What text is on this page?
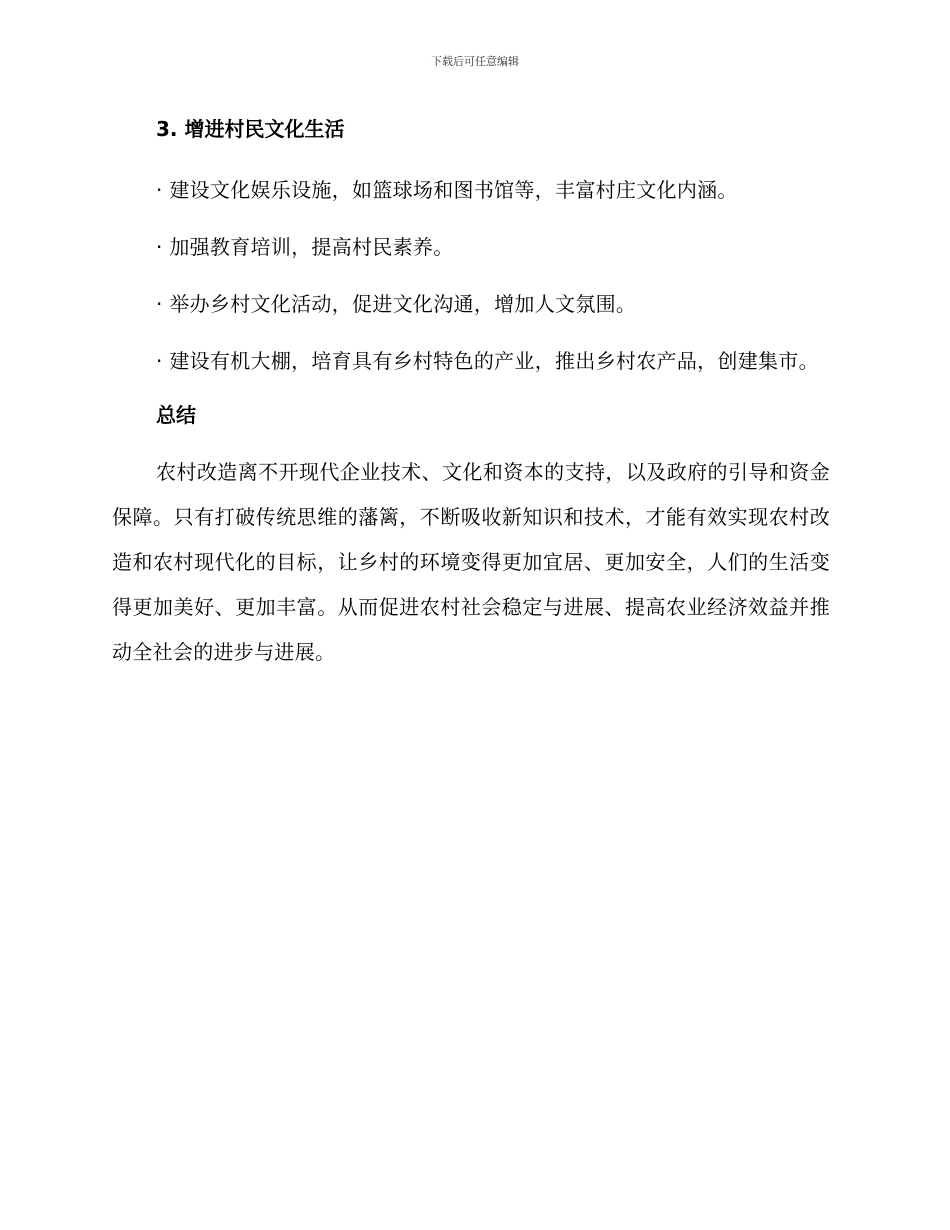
下载后可任意编辑
3. 增进村民文化生活

· 建设文化娱乐设施，如篮球场和图书馆等，丰富村庄文化内涵。

· 加强教育培训，提高村民素养。

· 举办乡村文化活动，促进文化沟通，增加人文氛围。

· 建设有机大棚，培育具有乡村特色的产业，推出乡村农产品，创建集市。

总结

农村改造离不开现代企业技术、文化和资本的支持，以及政府的引导和资金保障。只有打破传统思维的藩篱，不断吸收新知识和技术，才能有效实现农村改造和农村现代化的目标，让乡村的环境变得更加宜居、更加安全，人们的生活变得更加美好、更加丰富。从而促进农村社会稳定与进展、提高农业经济效益并推动全社会的进步与进展。
